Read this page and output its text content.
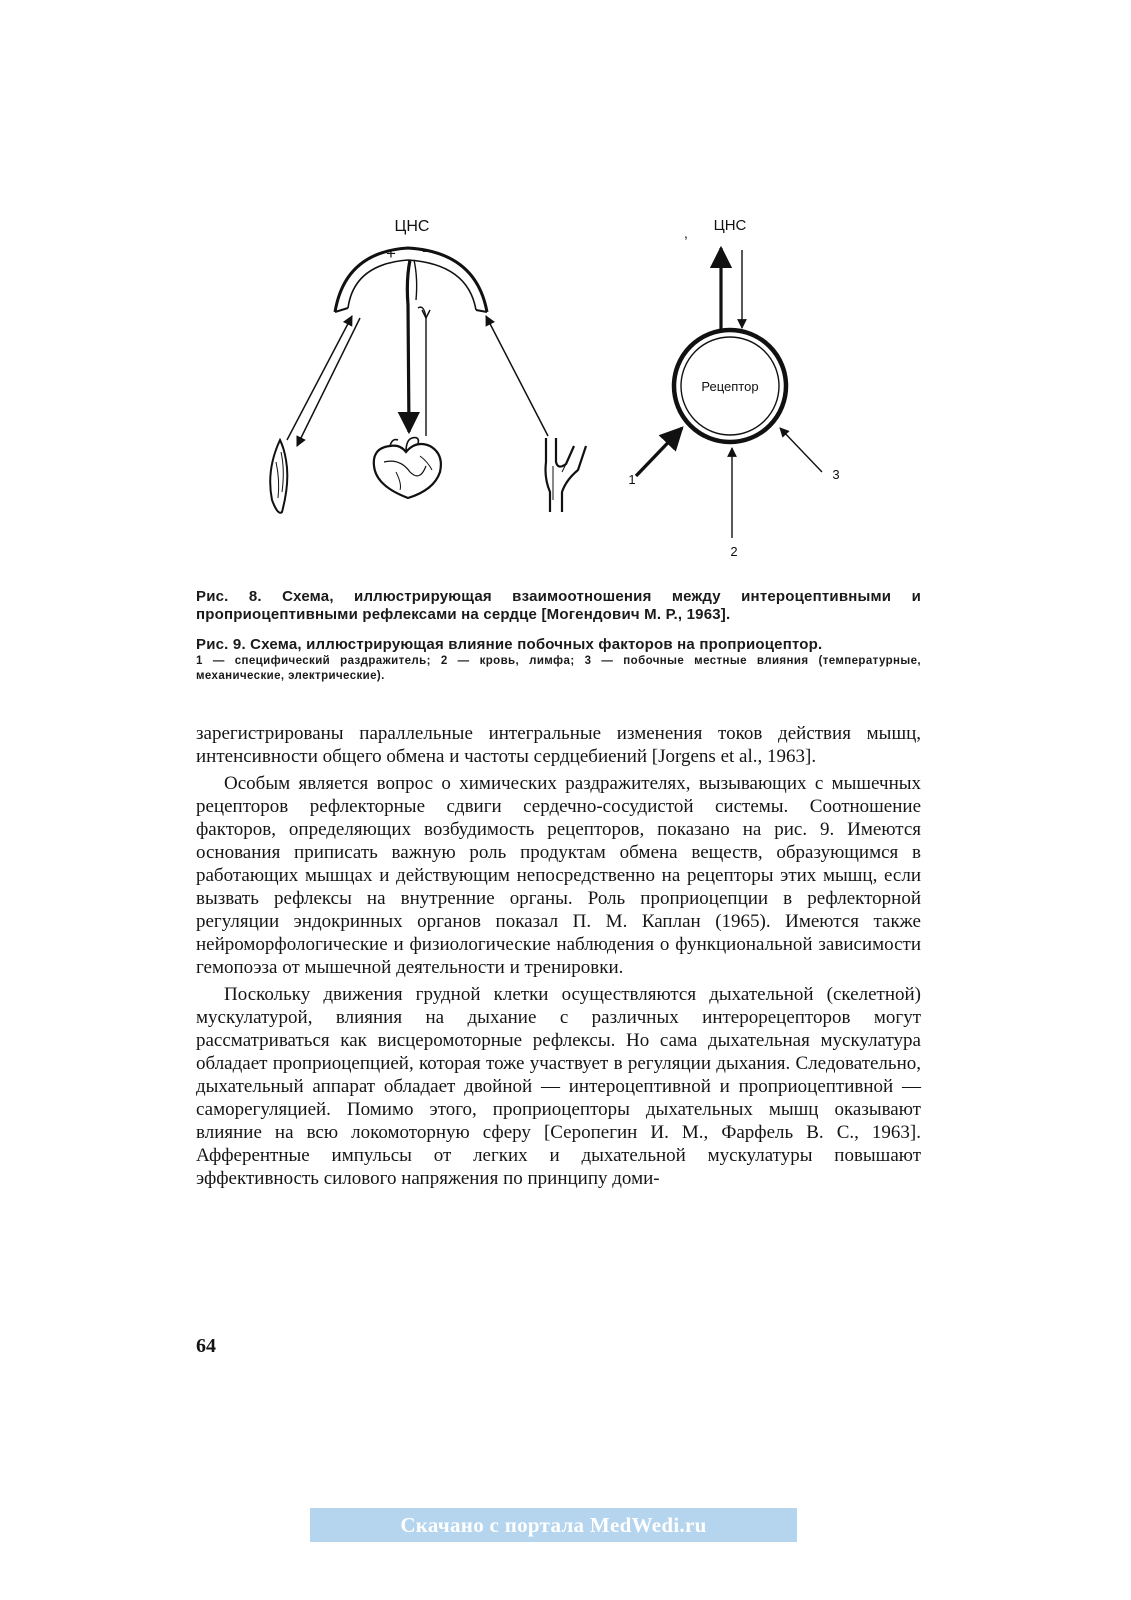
ЦНС
+ −
ЦНС
,
Рецептор
1
2
3

Рис. 8. Схема, иллюстрирующая взаимоотношения между интероцептивными и проприоцептивными рефлексами на сердце [Могендович М. Р., 1963].

Рис. 9. Схема, иллюстрирующая влияние побочных факторов на проприоцептор.

1 — специфический раздражитель; 2 — кровь, лимфа; 3 — побочные местные влияния (температурные, механические, электрические).

зарегистрированы параллельные интегральные изменения токов действия мышц, интенсивности общего обмена и частоты сердцебиений [Jorgens et al., 1963].

Особым является вопрос о химических раздражителях, вызывающих с мышечных рецепторов рефлекторные сдвиги сердечно-сосудистой системы. Соотношение факторов, определяющих возбудимость рецепторов, показано на рис. 9. Имеются основания приписать важную роль продуктам обмена веществ, образующимся в работающих мышцах и действующим непосредственно на рецепторы этих мышц, если вызвать рефлексы на внутренние органы. Роль проприоцепции в рефлекторной регуляции эндокринных органов показал П. М. Каплан (1965). Имеются также нейроморфологические и физиологические наблюдения о функциональной зависимости гемопоэза от мышечной деятельности и тренировки.

Поскольку движения грудной клетки осуществляются дыхательной (скелетной) мускулатурой, влияния на дыхание с различных интерорецепторов могут рассматриваться как висцеромоторные рефлексы. Но сама дыхательная мускулатура обладает проприоцепцией, которая тоже участвует в регуляции дыхания. Следовательно, дыхательный аппарат обладает двойной — интероцептивной и проприоцептивной — саморегуляцией. Помимо этого, проприоцепторы дыхательных мышц оказывают влияние на всю локомоторную сферу [Серопегин И. М., Фарфель В. С., 1963]. Афферентные импульсы от легких и дыхательной мускулатуры повышают эффективность силового напряжения по принципу доми-

64
Скачано с портала MedWedi.ru
